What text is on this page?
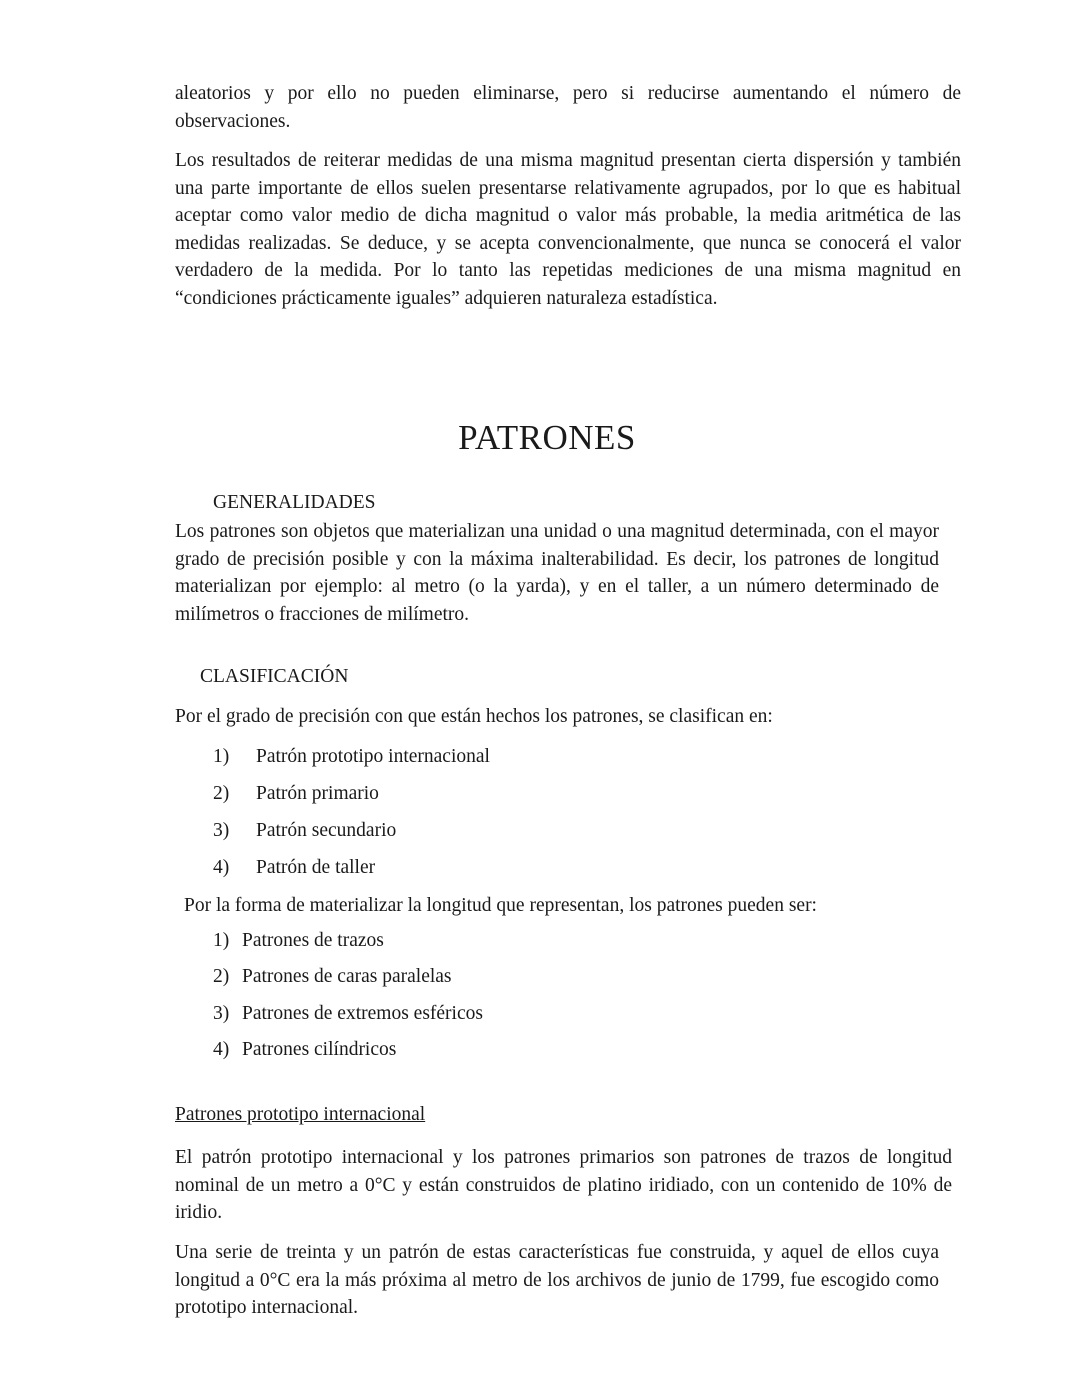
aleatorios y por ello no pueden eliminarse, pero si reducirse aumentando el número de observaciones.

Los resultados de reiterar medidas de una misma magnitud presentan cierta dispersión y también una parte importante de ellos suelen presentarse relativamente agrupados, por lo que es habitual aceptar como valor medio de dicha magnitud o valor más probable, la media aritmética de las medidas realizadas. Se deduce, y se acepta convencionalmente, que nunca se conocerá el valor verdadero de la medida. Por lo tanto las repetidas mediciones de una misma magnitud en “condiciones prácticamente iguales” adquieren naturaleza estadística.

PATRONES
GENERALIDADES

Los patrones son objetos que materializan una unidad o una magnitud determinada, con el mayor grado de precisión posible y con la máxima inalterabilidad. Es decir, los patrones de longitud materializan por ejemplo: al metro (o la yarda), y en el taller, a un número determinado de milímetros o fracciones de milímetro.

CLASIFICACIÓN

Por el grado de precisión con que están hechos los patrones, se clasifican en:

1) Patrón prototipo internacional
2) Patrón primario
3) Patrón secundario
4) Patrón de taller

Por la forma de materializar la longitud que representan, los patrones pueden ser:

1) Patrones de trazos
2) Patrones de caras paralelas
3) Patrones de extremos esféricos
4) Patrones cilíndricos
Patrones prototipo internacional

El patrón prototipo internacional y los patrones primarios son patrones de trazos de longitud nominal de un metro a 0°C y están construidos de platino iridiado, con un contenido de 10% de iridio.

Una serie de treinta y un patrón de estas características fue construida, y aquel de ellos cuya longitud a 0°C era la más próxima al metro de los archivos de junio de 1799, fue escogido como prototipo internacional.
